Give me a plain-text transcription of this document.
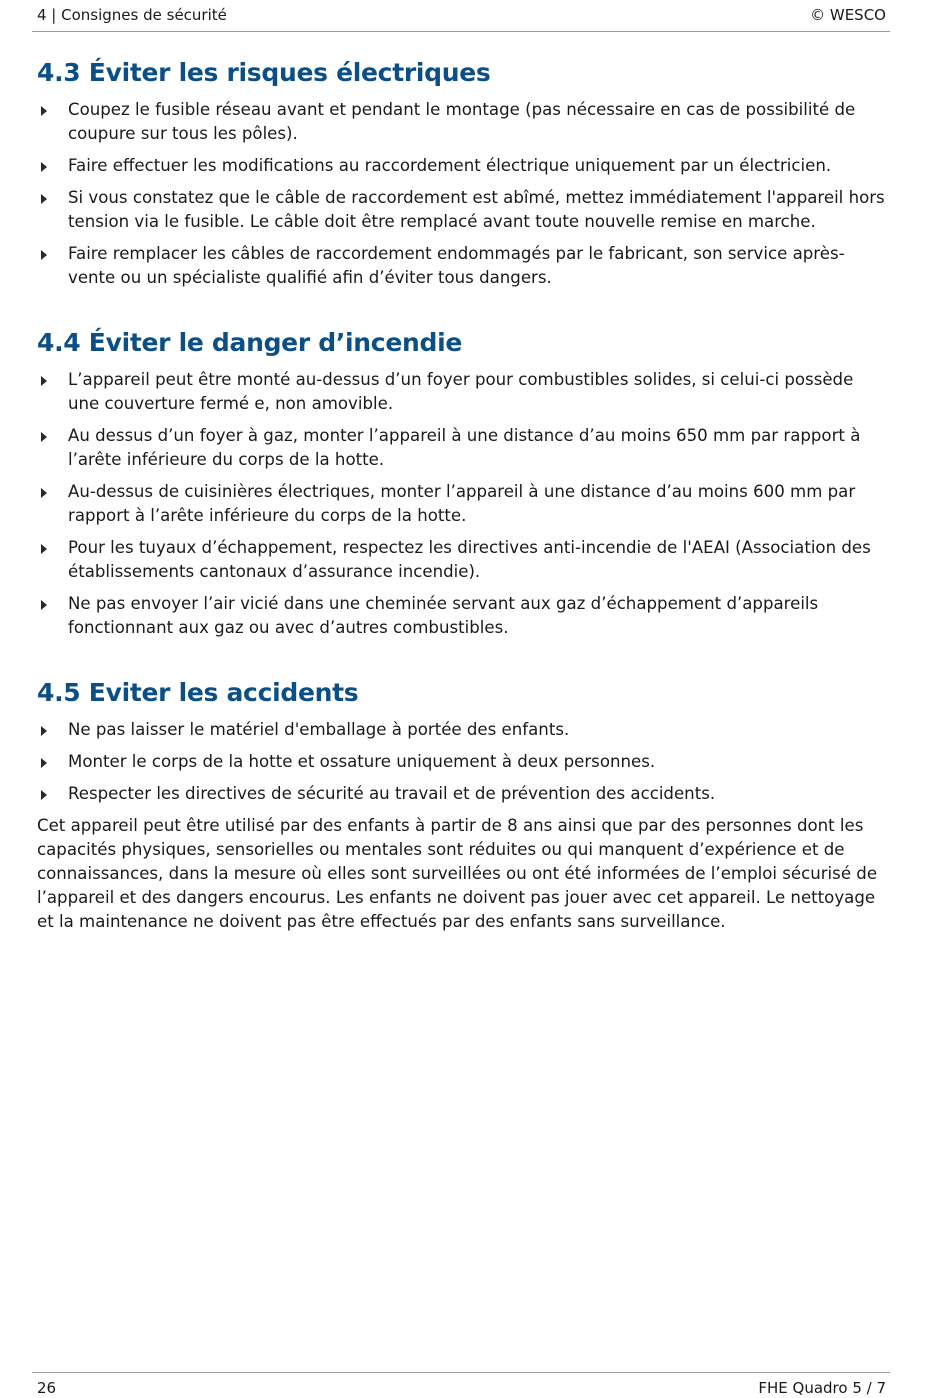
4 | Consignes de sécurité	© WESCO
4.3 Éviter les risques électriques
Coupez le fusible réseau avant et pendant le montage (pas nécessaire en cas de possibilité de coupure sur tous les pôles).
Faire effectuer les modifications au raccordement électrique uniquement par un électricien.
Si vous constatez que le câble de raccordement est abîmé, mettez immédiatement l'appareil hors tension via le fusible. Le câble doit être remplacé avant toute nouvelle remise en marche.
Faire remplacer les câbles de raccordement endommagés par le fabricant, son service après-vente ou un spécialiste qualifié afin d’éviter tous dangers.
4.4 Éviter le danger d’incendie
L’appareil peut être monté au-dessus d’un foyer pour combustibles solides, si celui-ci possède une couverture fermé e, non amovible.
Au dessus d’un foyer à gaz, monter l’appareil à une distance d’au moins 650 mm par rapport à l’arête inférieure du corps de la hotte.
Au-dessus de cuisinières électriques, monter l’appareil à une distance d’au moins 600 mm par rapport à l’arête inférieure du corps de la hotte.
Pour les tuyaux d’échappement, respectez les directives anti-incendie de l'AEAI (Association des établissements cantonaux d’assurance incendie).
Ne pas envoyer l’air vicié dans une cheminée servant aux gaz d’échappement d’appareils fonctionnant aux gaz ou avec d’autres combustibles.
4.5 Eviter les accidents
Ne pas laisser le matériel d'emballage à portée des enfants.
Monter le corps de la hotte et ossature uniquement à deux personnes.
Respecter les directives de sécurité au travail et de prévention des accidents.

Cet appareil peut être utilisé par des enfants à partir de 8 ans ainsi que par des personnes dont les capacités physiques, sensorielles ou mentales sont réduites ou qui manquent d’expérience et de connaissances, dans la mesure où elles sont surveillées ou ont été informées de l’emploi sécurisé de l’appareil et des dangers encourus. Les enfants ne doivent pas jouer avec cet appareil. Le nettoyage et la maintenance ne doivent pas être effectués par des enfants sans surveillance.

26	FHE Quadro 5 / 7
